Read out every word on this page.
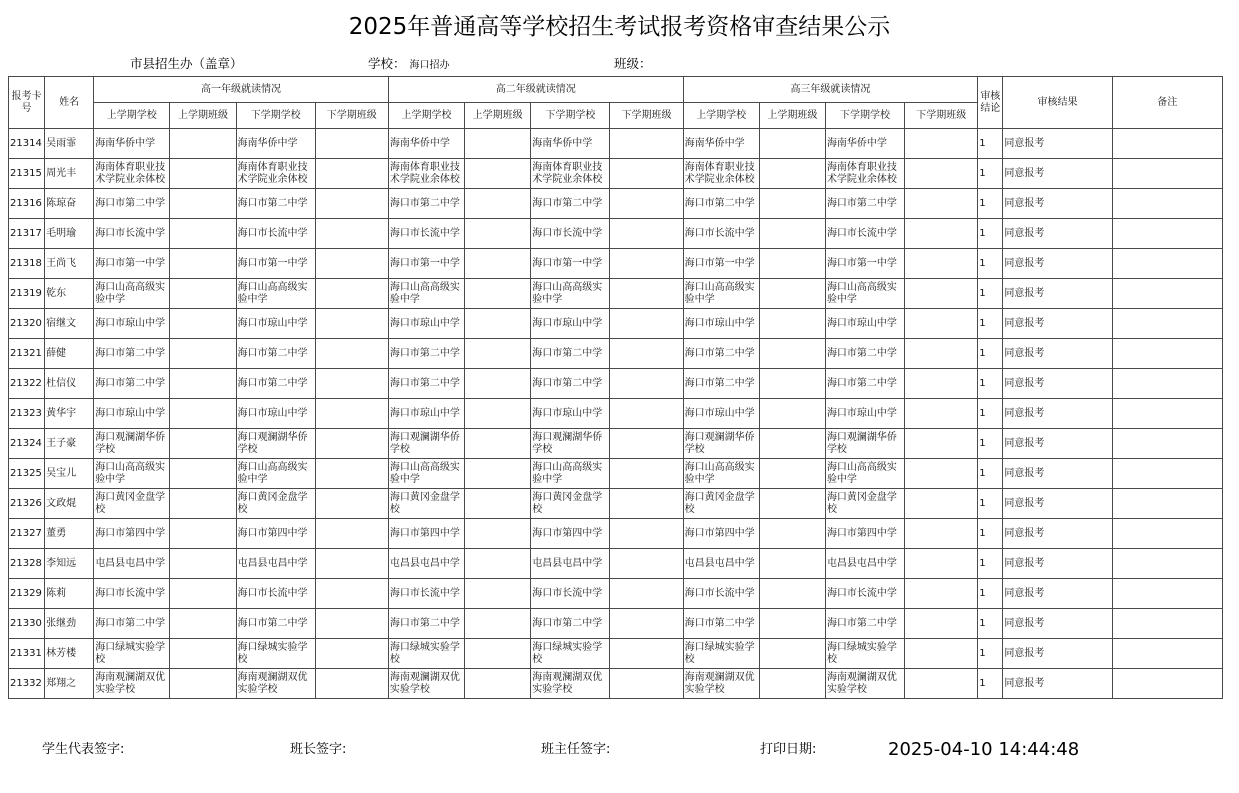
2025年普通高等学校招生考试报考资格审查结果公示
市县招生办（盖章）	学校： 海口招办	班级：
报考卡号	姓名	高一年级就读情况				高二年级就读情况				高三年级就读情况				审核结论	审核结果	备注
		上学期学校	上学期班级	下学期学校	下学期班级	上学期学校	上学期班级	下学期学校	下学期班级	上学期学校	上学期班级	下学期学校	下学期班级			
21314	吴雨霏	海南华侨中学		海南华侨中学		海南华侨中学		海南华侨中学		海南华侨中学		海南华侨中学		1	同意报考	
21315	周光丰	海南体育职业技术学院业余体校		海南体育职业技术学院业余体校		海南体育职业技术学院业余体校		海南体育职业技术学院业余体校		海南体育职业技术学院业余体校		海南体育职业技术学院业余体校		1	同意报考	
21316	陈琼奋	海口市第二中学		海口市第二中学		海口市第二中学		海口市第二中学		海口市第二中学		海口市第二中学		1	同意报考	
21317	毛明瑜	海口市长流中学		海口市长流中学		海口市长流中学		海口市长流中学		海口市长流中学		海口市长流中学		1	同意报考	
21318	王尚飞	海口市第一中学		海口市第一中学		海口市第一中学		海口市第一中学		海口市第一中学		海口市第一中学		1	同意报考	
21319	乾东	海口山高高级实验中学		海口山高高级实验中学		海口山高高级实验中学		海口山高高级实验中学		海口山高高级实验中学		海口山高高级实验中学		1	同意报考	
21320	宿继文	海口市琼山中学		海口市琼山中学		海口市琼山中学		海口市琼山中学		海口市琼山中学		海口市琼山中学		1	同意报考	
21321	薛健	海口市第二中学		海口市第二中学		海口市第二中学		海口市第二中学		海口市第二中学		海口市第二中学		1	同意报考	
21322	杜信仪	海口市第二中学		海口市第二中学		海口市第二中学		海口市第二中学		海口市第二中学		海口市第二中学		1	同意报考	
21323	黄华宇	海口市琼山中学		海口市琼山中学		海口市琼山中学		海口市琼山中学		海口市琼山中学		海口市琼山中学		1	同意报考	
21324	王子豪	海口观澜湖华侨学校		海口观澜湖华侨学校		海口观澜湖华侨学校		海口观澜湖华侨学校		海口观澜湖华侨学校		海口观澜湖华侨学校		1	同意报考	
21325	吴宝儿	海口山高高级实验中学		海口山高高级实验中学		海口山高高级实验中学		海口山高高级实验中学		海口山高高级实验中学		海口山高高级实验中学		1	同意报考	
21326	文政焜	海口黄冈金盘学校		海口黄冈金盘学校		海口黄冈金盘学校		海口黄冈金盘学校		海口黄冈金盘学校		海口黄冈金盘学校		1	同意报考	
21327	董勇	海口市第四中学		海口市第四中学		海口市第四中学		海口市第四中学		海口市第四中学		海口市第四中学		1	同意报考	
21328	李知远	屯昌县屯昌中学		屯昌县屯昌中学		屯昌县屯昌中学		屯昌县屯昌中学		屯昌县屯昌中学		屯昌县屯昌中学		1	同意报考	
21329	陈莉	海口市长流中学		海口市长流中学		海口市长流中学		海口市长流中学		海口市长流中学		海口市长流中学		1	同意报考	
21330	张继劲	海口市第二中学		海口市第二中学		海口市第二中学		海口市第二中学		海口市第二中学		海口市第二中学		1	同意报考	
21331	林芳楼	海口绿城实验学校		海口绿城实验学校		海口绿城实验学校		海口绿城实验学校		海口绿城实验学校		海口绿城实验学校		1	同意报考	
21332	郑翔之	海南观澜湖双优实验学校		海南观澜湖双优实验学校		海南观澜湖双优实验学校		海南观澜湖双优实验学校		海南观澜湖双优实验学校		海南观澜湖双优实验学校		1	同意报考	
学生代表签字:	班长签字:	班主任签字:	打印日期:	2025-04-10 14:44:48
